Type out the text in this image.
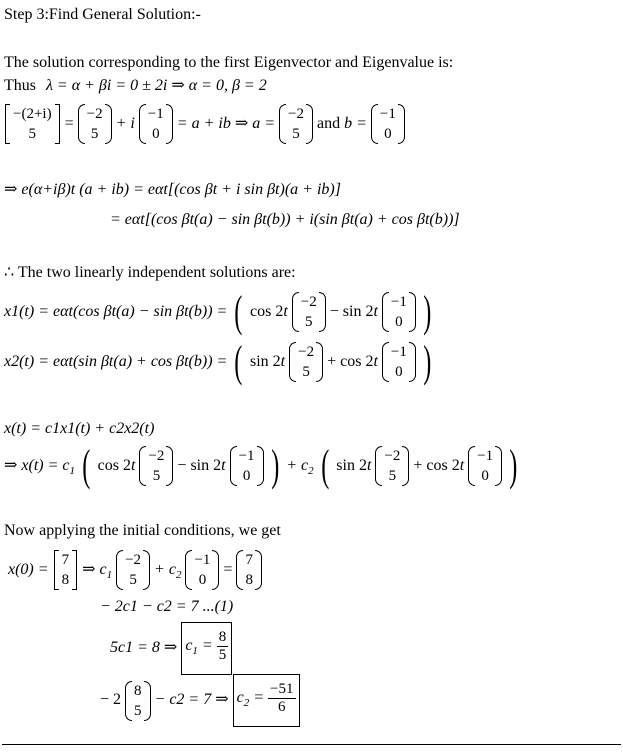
Step 3:Find General Solution:-
The solution corresponding to the first Eigenvector and Eigenvalue is:
Thus λ = α + βi = 0 ± 2i ⇒ α = 0, β = 2
−(2+i)
5
=
−2
5
+ i
−1
0
= a + ib ⇒ a =
−2
5
and b =
−1
0
⇒ e(α+iβ)t (a + ib) = eαt[(cos βt + i sin βt)(a + ib)]
= eαt[(cos βt(a) − sin βt(b)) + i(sin βt(a) + cos βt(b))]
∴ The two linearly independent solutions are:
x1(t) = eαt(cos βt(a) − sin βt(b)) = ( cos 2t
−2
5
− sin 2t
−1
0 )
x2(t) = eαt(sin βt(a) + cos βt(b)) = ( sin 2t
−2
5
+ cos 2t
−1
0 )
x(t) = c1x1(t) + c2x2(t)
⇒ $x(t) = c_1$ ( cos 2t
−2
5
− sin 2t
−1
0 ) + $c_2$ ( sin 2t
−2
5
+ cos 2t
−1
0 )
Now applying the initial conditions, we get
x(0) =
7
8
⇒ $c_1$
−2
5
+ $c_2$
−1
0
=
7
8
− 2c1 − c2 = 7 ...(1)
5c1 = 8 ⇒ $c_1 = \frac{8}{5}$
− 2
8
5
− c2 = 7 ⇒ $c_2 = \frac{-51}{6}$
